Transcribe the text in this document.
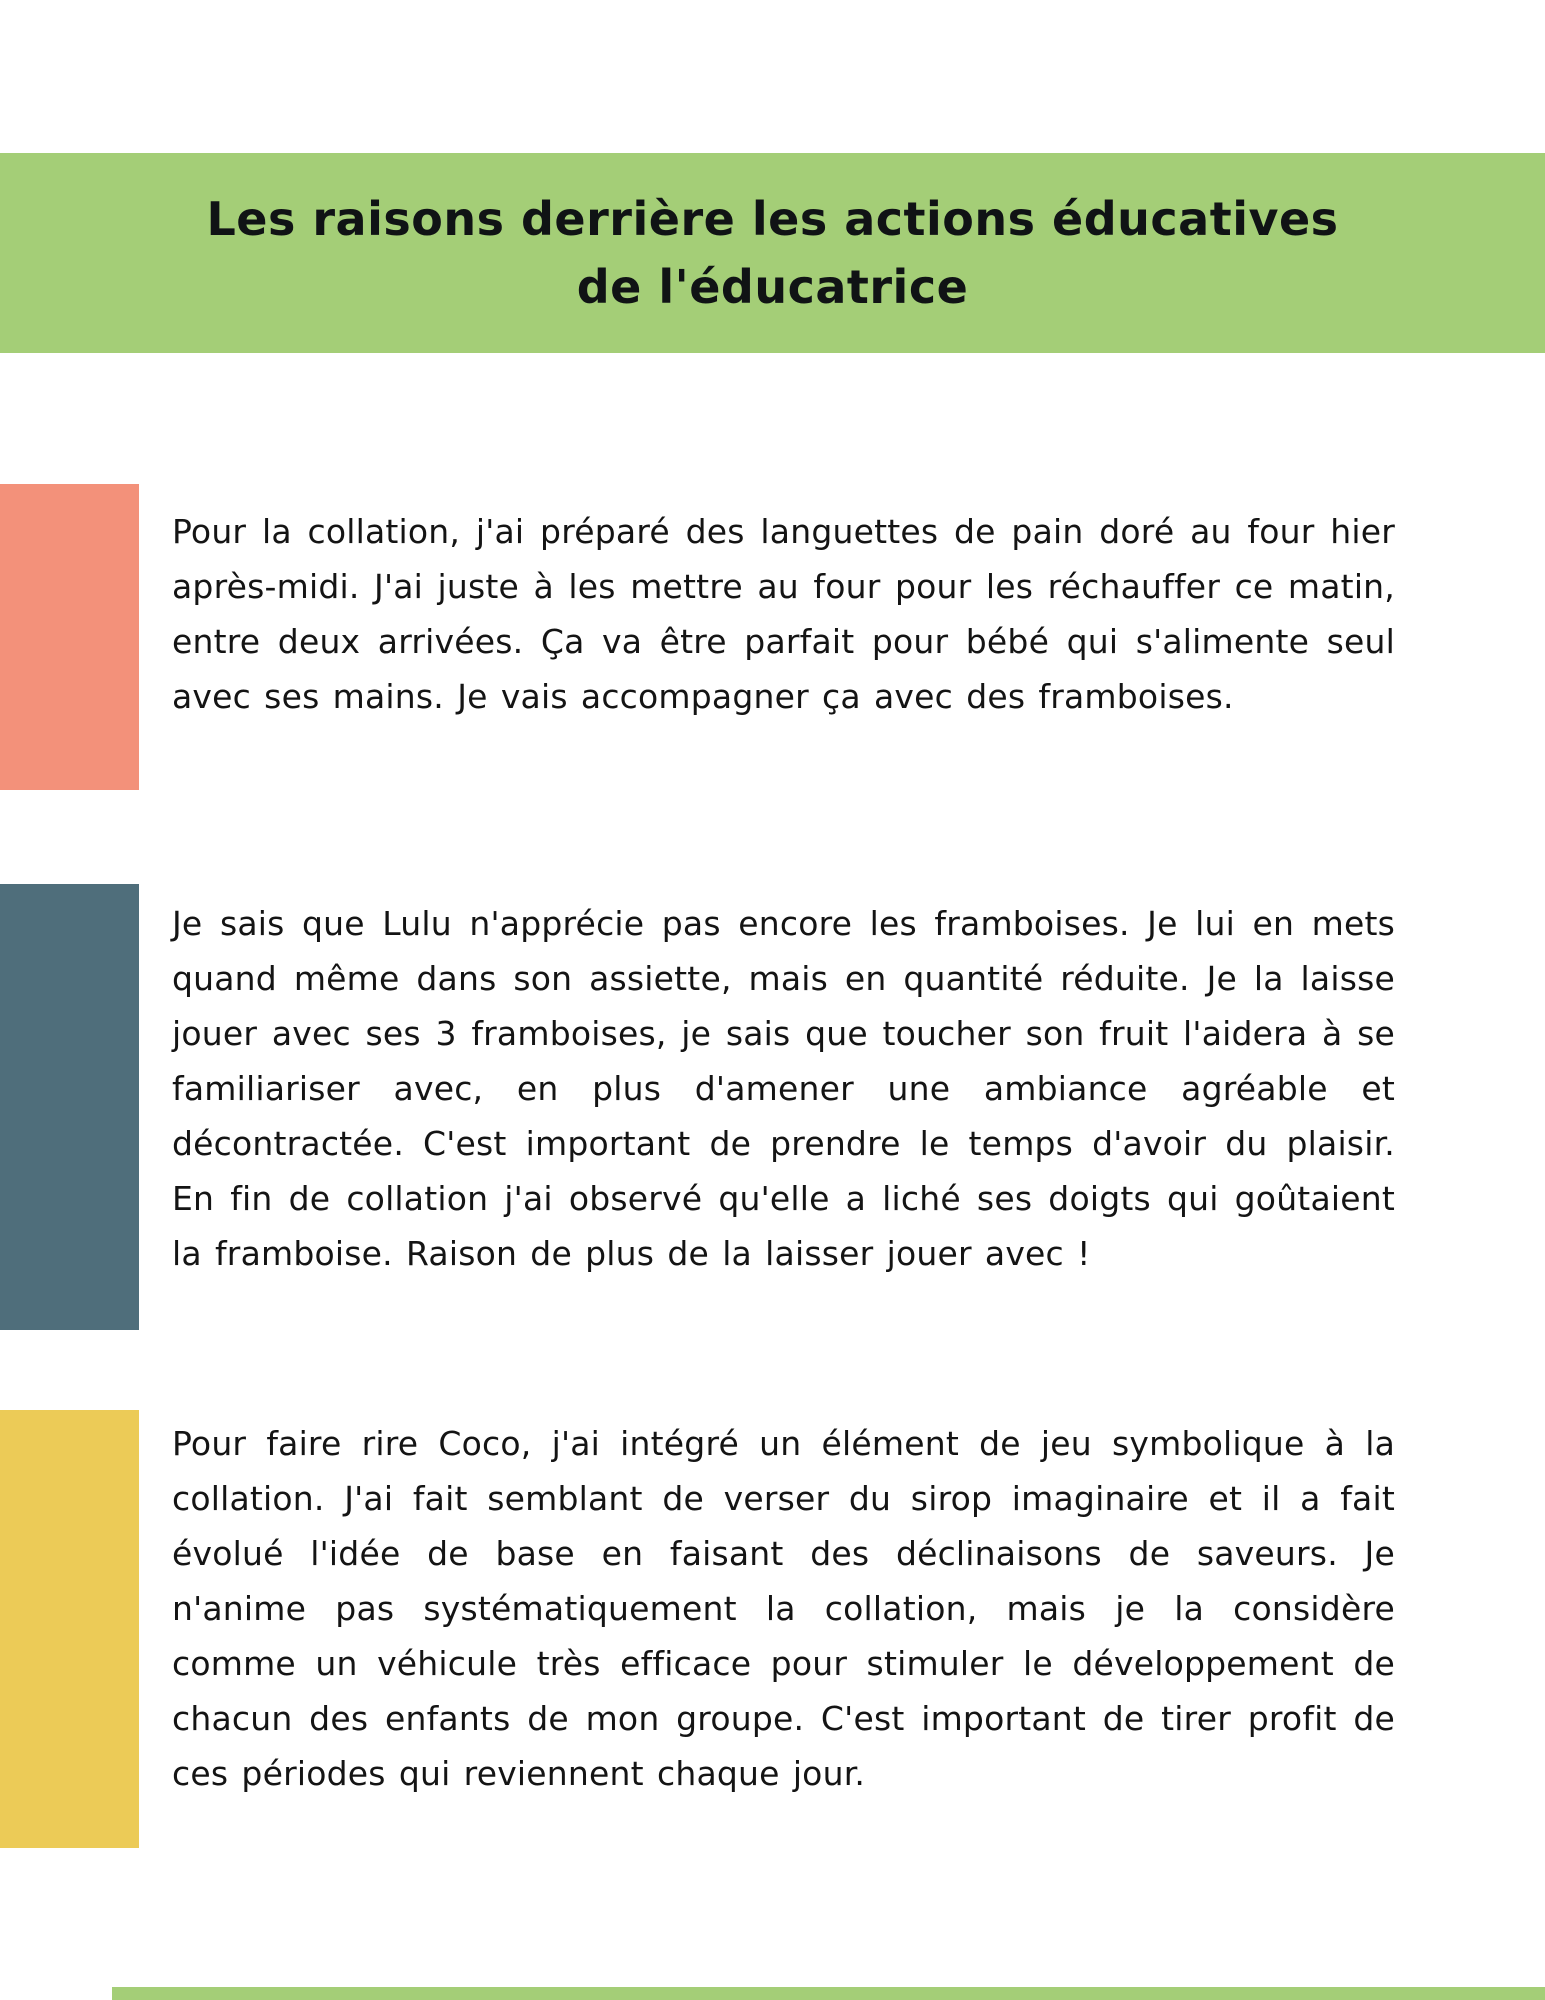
Les raisons derrière les actions éducatives
de l'éducatrice

Pour la collation, j'ai préparé des languettes de pain doré au four hier après-midi. J'ai juste à les mettre au four pour les réchauffer ce matin, entre deux arrivées. Ça va être parfait pour bébé qui s'alimente seul avec ses mains. Je vais accompagner ça avec des framboises.

Je sais que Lulu n'apprécie pas encore les framboises. Je lui en mets quand même dans son assiette, mais en quantité réduite. Je la laisse jouer avec ses 3 framboises, je sais que toucher son fruit l'aidera à se familiariser avec, en plus d'amener une ambiance agréable et décontractée. C'est important de prendre le temps d'avoir du plaisir. En fin de collation j'ai observé qu'elle a liché ses doigts qui goûtaient la framboise. Raison de plus de la laisser jouer avec !

Pour faire rire Coco, j'ai intégré un élément de jeu symbolique à la collation. J'ai fait semblant de verser du sirop imaginaire et il a fait évolué l'idée de base en faisant des déclinaisons de saveurs. Je n'anime pas systématiquement la collation, mais je la considère comme un véhicule très efficace pour stimuler le développement de chacun des enfants de mon groupe. C'est important de tirer profit de ces périodes qui reviennent chaque jour.
